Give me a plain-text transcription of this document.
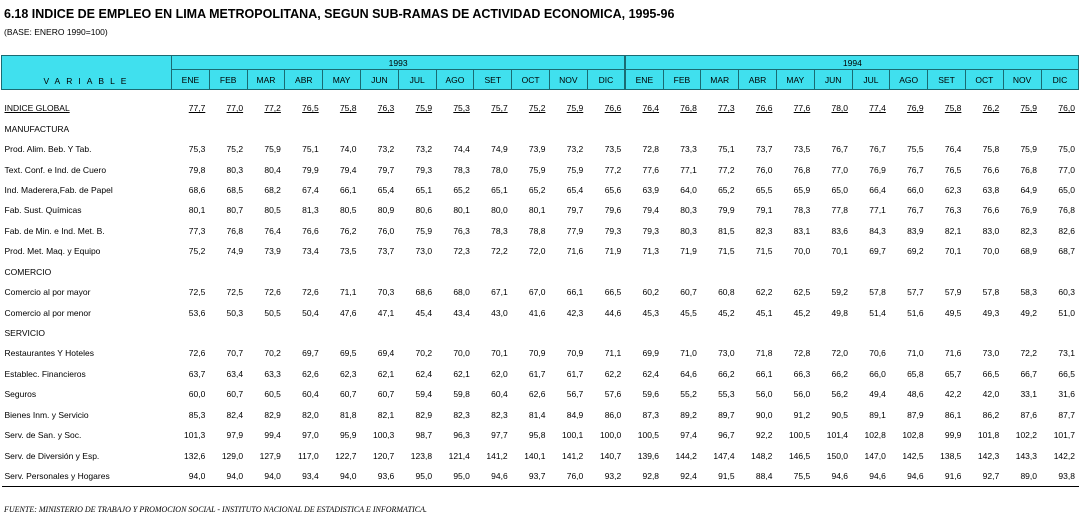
6.18 INDICE DE EMPLEO EN LIMA METROPOLITANA, SEGUN SUB-RAMAS DE ACTIVIDAD ECONOMICA, 1995-96
(BASE: ENERO 1990=100)
VARIABLE	1993												1994											
	ENE	FEB	MAR	ABR	MAY	JUN	JUL	AGO	SET	OCT	NOV	DIC	ENE	FEB	MAR	ABR	MAY	JUN	JUL	AGO	SET	OCT	NOV	DIC

INDICE GLOBAL	77,7	77,0	77,2	76,5	75,8	76,3	75,9	75,3	75,7	75,2	75,9	76,6	76,4	76,8	77,3	76,6	77,6	78,0	77,4	76,9	75,8	76,2	75,9	76,0
MANUFACTURA																								
Prod. Alim. Beb. Y Tab.	75,3	75,2	75,9	75,1	74,0	73,2	73,2	74,4	74,9	73,9	73,2	73,5	72,8	73,3	75,1	73,7	73,5	76,7	76,7	75,5	76,4	75,8	75,9	75,0
Text. Conf. e Ind. de Cuero	79,8	80,3	80,4	79,9	79,4	79,7	79,3	78,3	78,0	75,9	75,9	77,2	77,6	77,1	77,2	76,0	76,8	77,0	76,9	76,7	76,5	76,6	76,8	77,0
Ind. Maderera,Fab. de Papel	68,6	68,5	68,2	67,4	66,1	65,4	65,1	65,2	65,1	65,2	65,4	65,6	63,9	64,0	65,2	65,5	65,9	65,0	66,4	66,0	62,3	63,8	64,9	65,0
Fab. Sust. Químicas	80,1	80,7	80,5	81,3	80,5	80,9	80,6	80,1	80,0	80,1	79,7	79,6	79,4	80,3	79,9	79,1	78,3	77,8	77,1	76,7	76,3	76,6	76,9	76,8
Fab. de Min. e Ind. Met. B.	77,3	76,8	76,4	76,6	76,2	76,0	75,9	76,3	78,3	78,8	77,9	79,3	79,3	80,3	81,5	82,3	83,1	83,6	84,3	83,9	82,1	83,0	82,3	82,6
Prod. Met. Maq. y Equipo	75,2	74,9	73,9	73,4	73,5	73,7	73,0	72,3	72,2	72,0	71,6	71,9	71,3	71,9	71,5	71,5	70,0	70,1	69,7	69,2	70,1	70,0	68,9	68,7
COMERCIO																								
Comercio al por mayor	72,5	72,5	72,6	72,6	71,1	70,3	68,6	68,0	67,1	67,0	66,1	66,5	60,2	60,7	60,8	62,2	62,5	59,2	57,8	57,7	57,9	57,8	58,3	60,3
Comercio al por menor	53,6	50,3	50,5	50,4	47,6	47,1	45,4	43,4	43,0	41,6	42,3	44,6	45,3	45,5	45,2	45,1	45,2	49,8	51,4	51,6	49,5	49,3	49,2	51,0
SERVICIO																								
Restaurantes Y Hoteles	72,6	70,7	70,2	69,7	69,5	69,4	70,2	70,0	70,1	70,9	70,9	71,1	69,9	71,0	73,0	71,8	72,8	72,0	70,6	71,0	71,6	73,0	72,2	73,1
Establec. Financieros	63,7	63,4	63,3	62,6	62,3	62,1	62,4	62,1	62,0	61,7	61,7	62,2	62,4	64,6	66,2	66,1	66,3	66,2	66,0	65,8	65,7	66,5	66,7	66,5
Seguros	60,0	60,7	60,5	60,4	60,7	60,7	59,4	59,8	60,4	62,6	56,7	57,6	59,6	55,2	55,3	56,0	56,0	56,2	49,4	48,6	42,2	42,0	33,1	31,6
Bienes Inm. y Servicio	85,3	82,4	82,9	82,0	81,8	82,1	82,9	82,3	82,3	81,4	84,9	86,0	87,3	89,2	89,7	90,0	91,2	90,5	89,1	87,9	86,1	86,2	87,6	87,7
Serv. de San. y Soc.	101,3	97,9	99,4	97,0	95,9	100,3	98,7	96,3	97,7	95,8	100,1	100,0	100,5	97,4	96,7	92,2	100,5	101,4	102,8	102,8	99,9	101,8	102,2	101,7
Serv. de Diversión y Esp.	132,6	129,0	127,9	117,0	122,7	120,7	123,8	121,4	141,2	140,1	141,2	140,7	139,6	144,2	147,4	148,2	146,5	150,0	147,0	142,5	138,5	142,3	143,3	142,2
Serv. Personales y Hogares	94,0	94,0	94,0	93,4	94,0	93,6	95,0	95,0	94,6	93,7	76,0	93,2	92,8	92,4	91,5	88,4	75,5	94,6	94,6	94,6	91,6	92,7	89,0	93,8
FUENTE: MINISTERIO DE TRABAJO Y PROMOCION SOCIAL - INSTITUTO NACIONAL DE ESTADISTICA E INFORMATICA.
